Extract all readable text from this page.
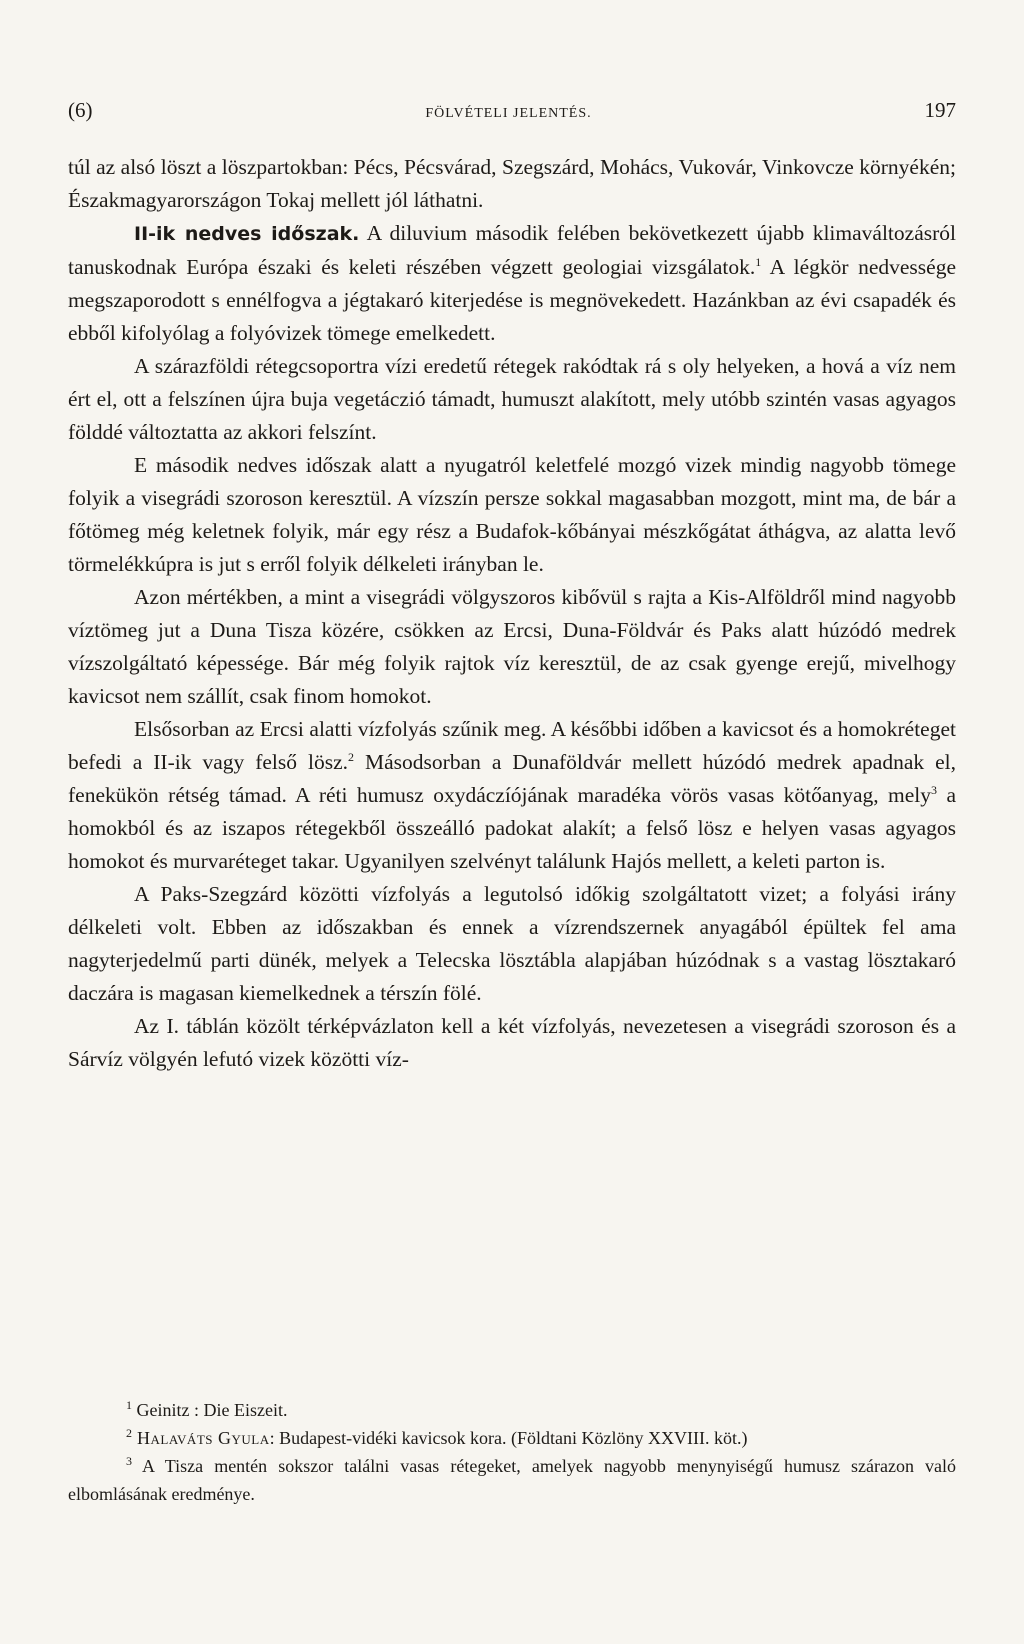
(6)	FÖLVÉTELI JELENTÉS.	197

túl az alsó löszt a löszpartokban: Pécs, Pécsvárad, Szegszárd, Mohács, Vukovár, Vinkovcze környékén; Északmagyarországon Tokaj mellett jól láthatni.

II-ik nedves időszak. A diluvium második felében bekövetkezett újabb klimaváltozásról tanuskodnak Európa északi és keleti részében végzett geologiai vizsgálatok.$^1$ A légkör nedvessége megszaporodott s ennélfogva a jégtakaró kiterjedése is megnövekedett. Hazánkban az évi csapadék és ebből kifolyólag a folyóvizek tömege emelkedett.

A szárazföldi rétegcsoportra vízi eredetű rétegek rakódtak rá s oly helyeken, a hová a víz nem ért el, ott a felszínen újra buja vegetáczió támadt, humuszt alakított, mely utóbb szintén vasas agyagos földdé változtatta az akkori felszínt.

E második nedves időszak alatt a nyugatról keletfelé mozgó vizek mindig nagyobb tömege folyik a visegrádi szoroson keresztül. A vízszín persze sokkal magasabban mozgott, mint ma, de bár a főtömeg még keletnek folyik, már egy rész a Budafok-kőbányai mészkőgátat áthágva, az alatta levő törmelékkúpra is jut s erről folyik délkeleti irányban le.

Azon mértékben, a mint a visegrádi völgyszoros kibővül s rajta a Kis-Alföldről mind nagyobb víztömeg jut a Duna Tisza közére, csökken az Ercsi, Duna-Földvár és Paks alatt húzódó medrek vízszolgáltató képessége. Bár még folyik rajtok víz keresztül, de az csak gyenge erejű, mivelhogy kavicsot nem szállít, csak finom homokot.

Elsősorban az Ercsi alatti vízfolyás szűnik meg. A későbbi időben a kavicsot és a homokréteget befedi a II-ik vagy felső lösz.$^2$ Másodsorban a Dunaföldvár mellett húzódó medrek apadnak el, fenekükön rétség támad. A réti humusz oxydáczíójának maradéka vörös vasas kötőanyag, mely$^3$ a homokból és az iszapos rétegekből összeálló padokat alakít; a felső lösz e helyen vasas agyagos homokot és murvaréteget takar. Ugyanilyen szelvényt találunk Hajós mellett, a keleti parton is.

A Paks-Szegzárd közötti vízfolyás a legutolsó időkig szolgáltatott vizet; a folyási irány délkeleti volt. Ebben az időszakban és ennek a vízrendszernek anyagából épültek fel ama nagyterjedelmű parti dünék, melyek a Telecska lösztábla alapjában húzódnak s a vastag lösztakaró daczára is magasan kiemelkednek a térszín fölé.

Az I. táblán közölt térképvázlaton kell a két vízfolyás, nevezetesen a visegrádi szoroson és a Sárvíz völgyén lefutó vizek közötti víz-

$^1$ Geinitz : Die Eiszeit.

$^2$ Halaváts Gyula: Budapest-vidéki kavicsok kora. (Földtani Közlöny XXVIII. köt.)

$^3$ A Tisza mentén sokszor találni vasas rétegeket, amelyek nagyobb menynyiségű humusz szárazon való elbomlásának eredménye.
